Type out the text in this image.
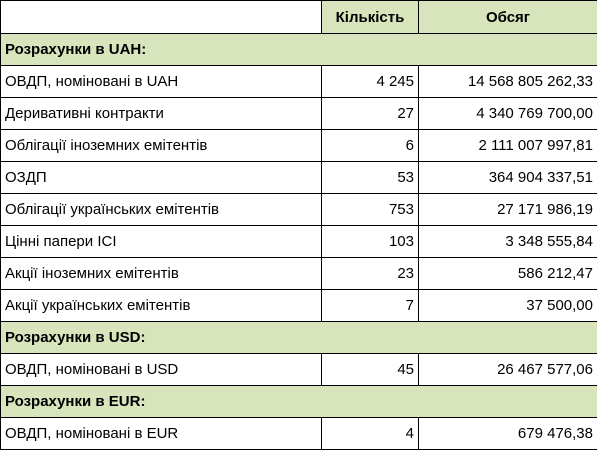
	Кількість	Обсяг
Розрахунки в UAH:		
ОВДП, номіновані в UAH	4 245	14 568 805 262,33
Деривативні контракти	27	4 340 769 700,00
Облігації іноземних емітентів	6	2 111 007 997,81
ОЗДП	53	364 904 337,51
Облігації українських емітентів	753	27 171 986,19
Цінні папери ІСІ	103	3 348 555,84
Акції іноземних емітентів	23	586 212,47
Акції українських емітентів	7	37 500,00
Розрахунки в USD:		
ОВДП, номіновані в USD	45	26 467 577,06
Розрахунки в EUR:		
ОВДП, номіновані в EUR	4	679 476,38
